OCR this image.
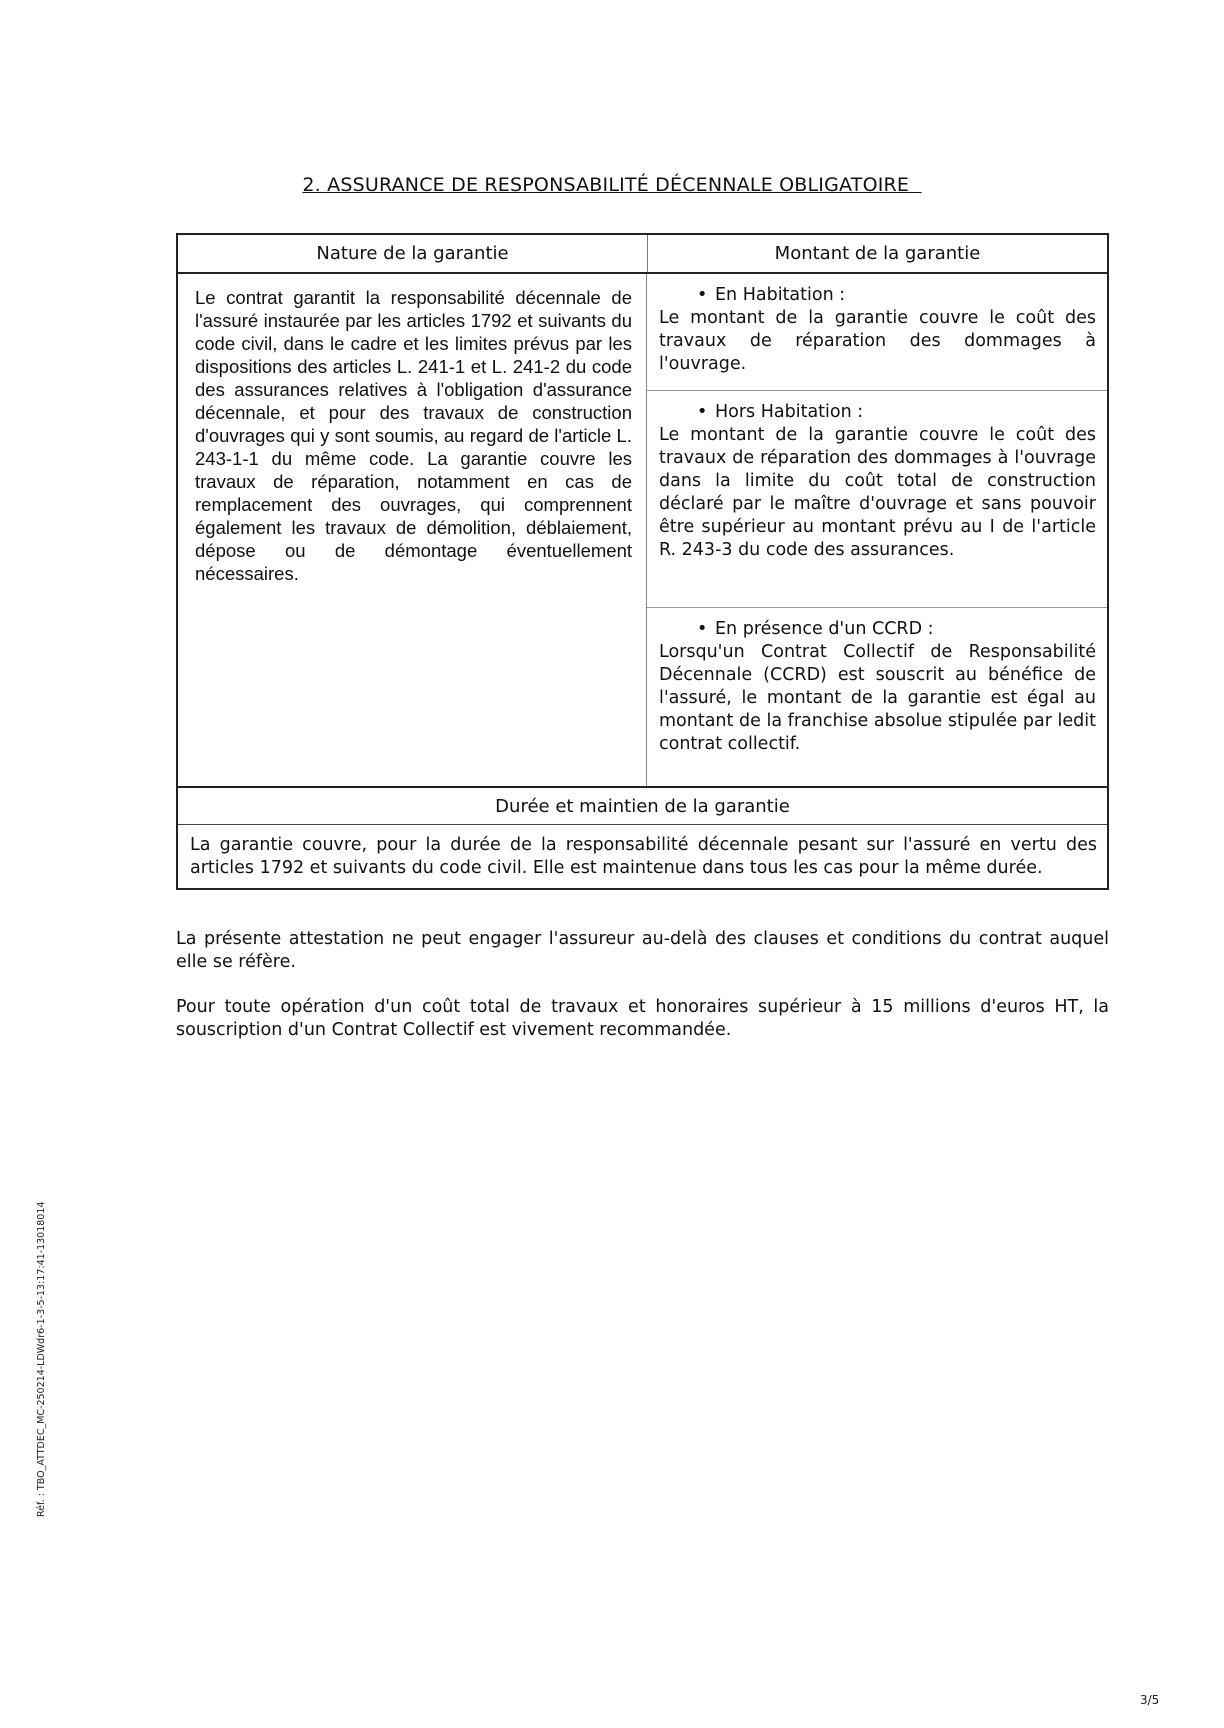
2. ASSURANCE DE RESPONSABILITÉ DÉCENNALE OBLIGATOIRE
Nature de la garantie	Montant de la garantie
Le contrat garantit la responsabilité décennale de l'assuré instaurée par les articles 1792 et suivants du code civil, dans le cadre et les limites prévus par les dispositions des articles L. 241-1 et L. 241-2 du code des assurances relatives à l'obligation d'assurance décennale, et pour des travaux de construction d'ouvrages qui y sont soumis, au regard de l'article L. 243-1-1 du même code. La garantie couvre les travaux de réparation, notamment en cas de remplacement des ouvrages, qui comprennent également les travaux de démolition, déblaiement, dépose ou de démontage éventuellement nécessaires.
• En Habitation :
Le montant de la garantie couvre le coût des travaux de réparation des dommages à l'ouvrage.
• Hors Habitation :
Le montant de la garantie couvre le coût des travaux de réparation des dommages à l'ouvrage dans la limite du coût total de construction déclaré par le maître d'ouvrage et sans pouvoir être supérieur au montant prévu au I de l'article R. 243-3 du code des assurances.
• En présence d'un CCRD :
Lorsqu'un Contrat Collectif de Responsabilité Décennale (CCRD) est souscrit au bénéfice de l'assuré, le montant de la garantie est égal au montant de la franchise absolue stipulée par ledit contrat collectif.
Durée et maintien de la garantie
La garantie couvre, pour la durée de la responsabilité décennale pesant sur l'assuré en vertu des articles 1792 et suivants du code civil. Elle est maintenue dans tous les cas pour la même durée.
La présente attestation ne peut engager l'assureur au-delà des clauses et conditions du contrat auquel elle se réfère.
Pour toute opération d'un coût total de travaux et honoraires supérieur à 15 millions d'euros HT, la souscription d'un Contrat Collectif est vivement recommandée.
Réf. : TBO_ATTDEC_MC-250214-LDWdr6-1-3-5-13:17:41-13018014
3/5
